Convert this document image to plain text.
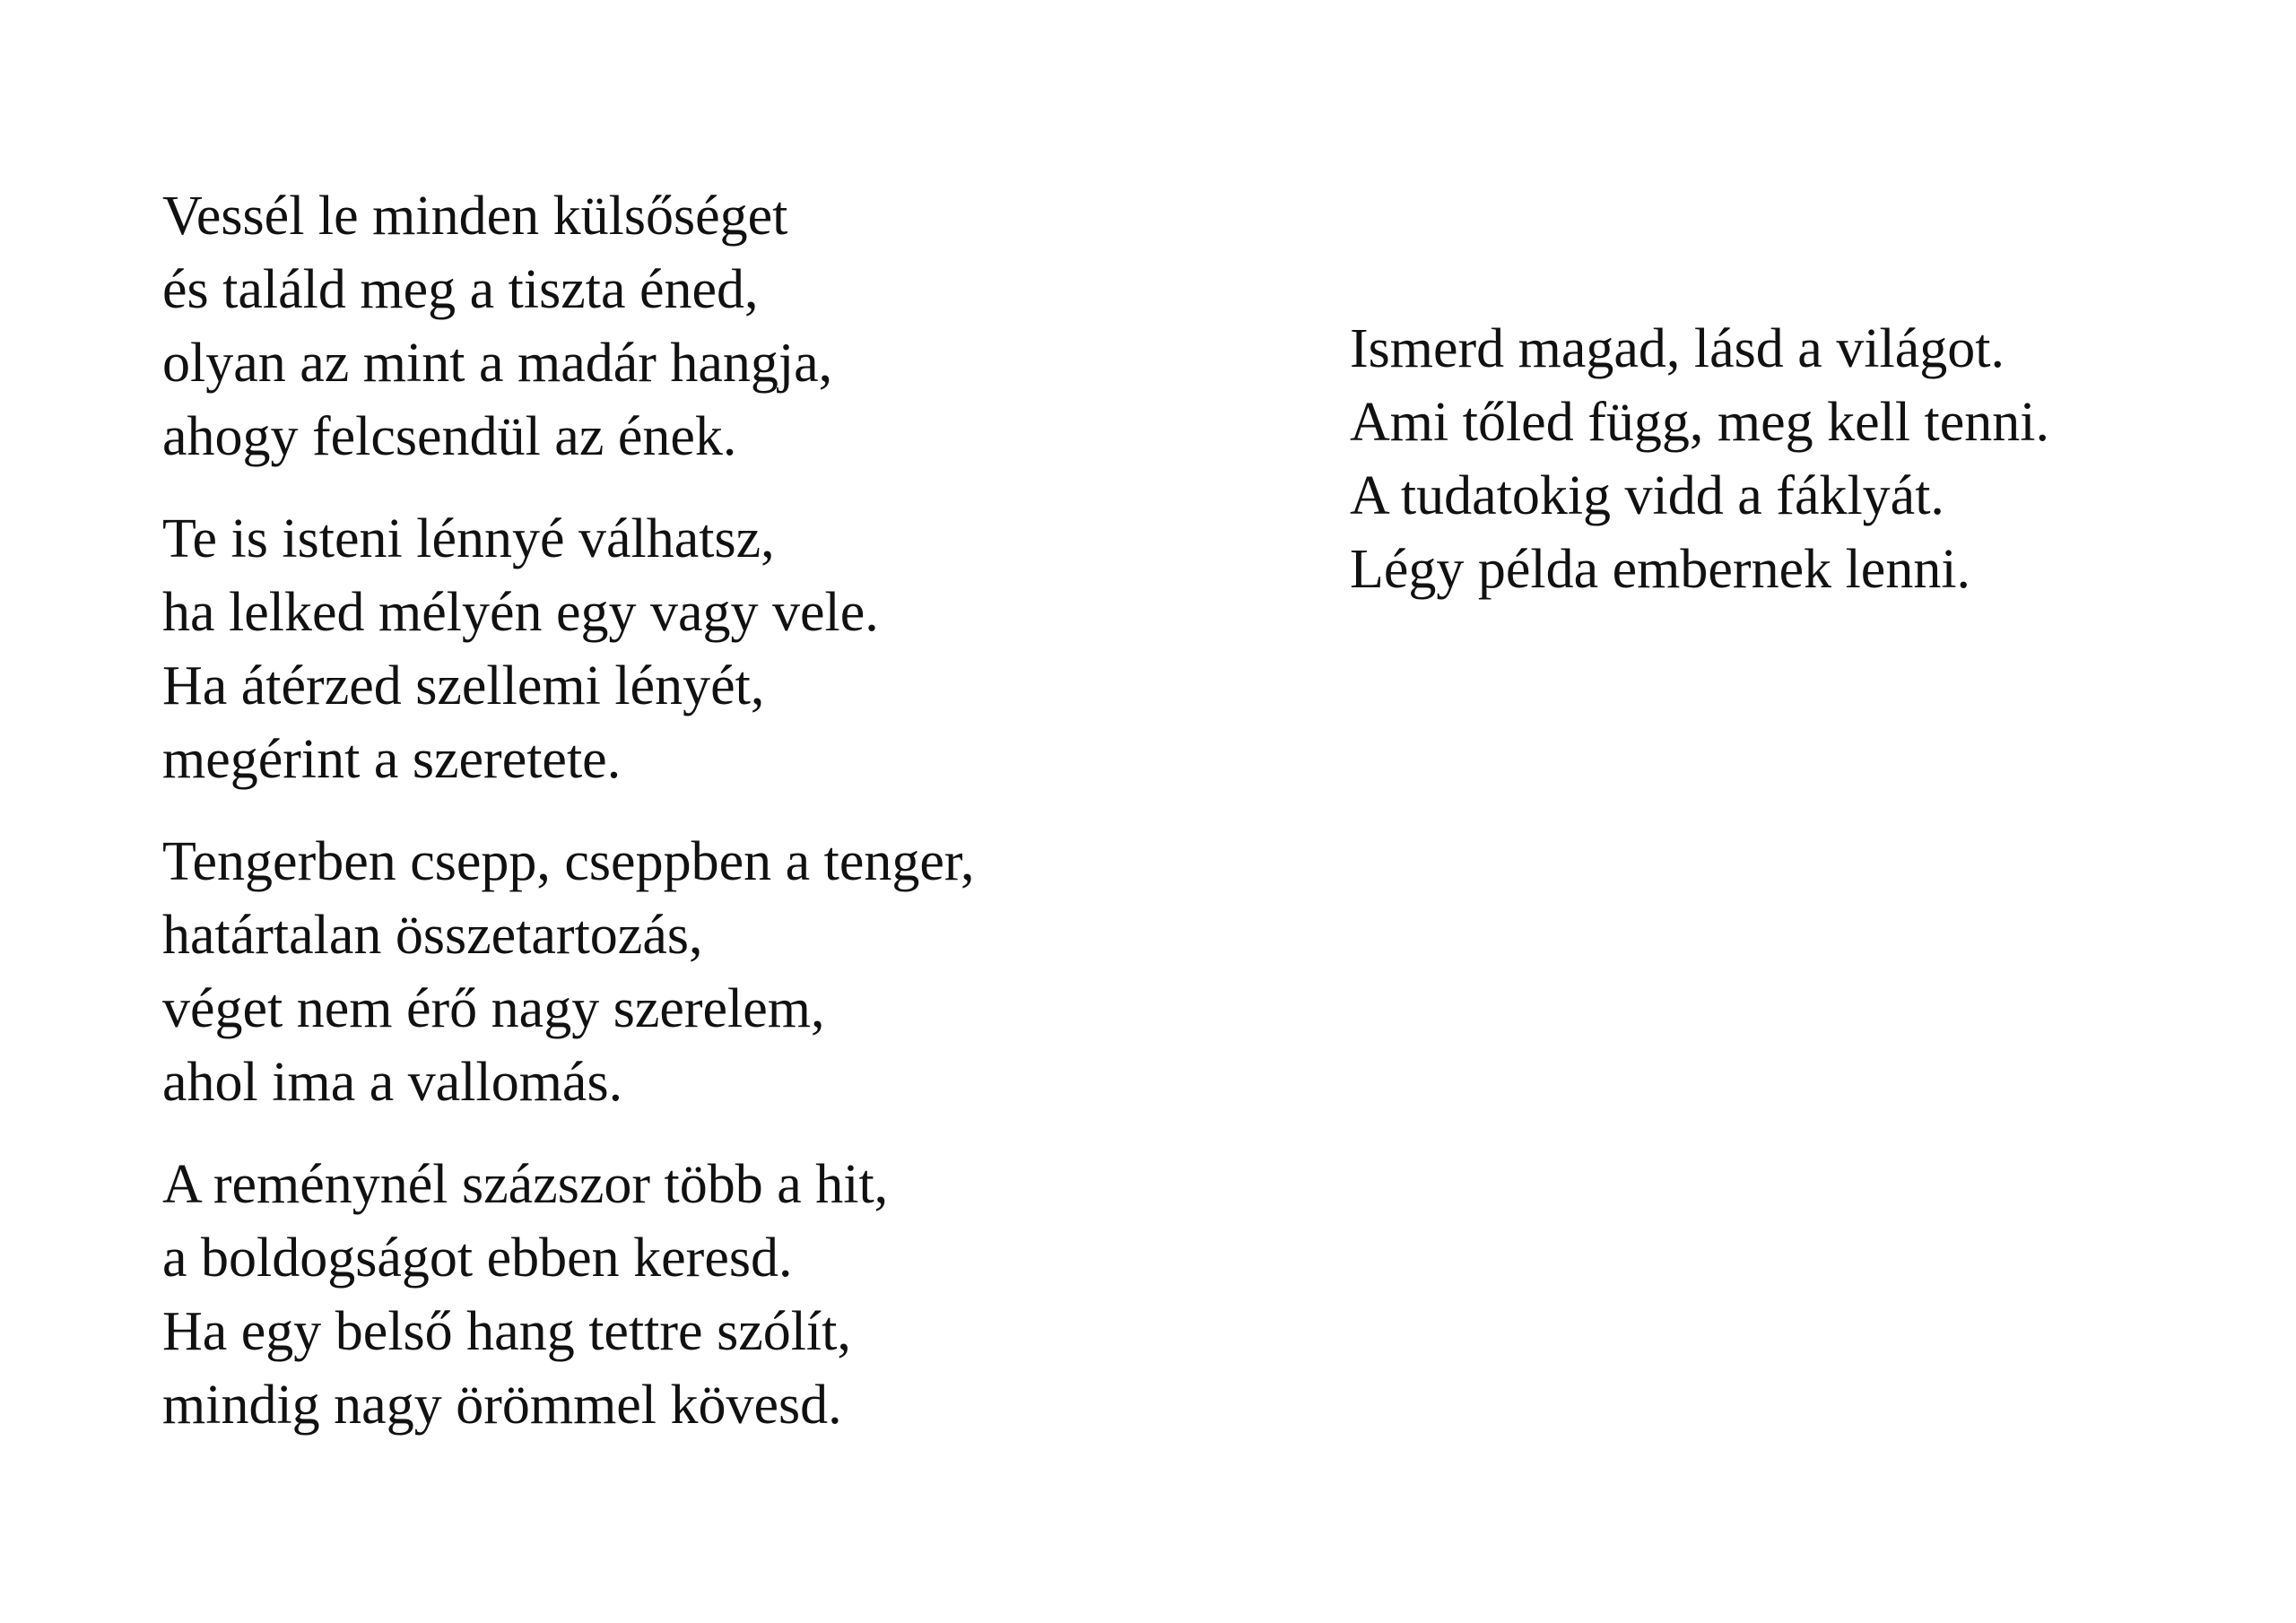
Vessél le minden külsőséget
és találd meg a tiszta éned,
olyan az mint a madár hangja,
ahogy felcsendül az ének.

Te is isteni lénnyé válhatsz,
ha lelked mélyén egy vagy vele.
Ha átérzed szellemi lényét,
megérint a szeretete.

Tengerben csepp, cseppben a tenger,
határtalan összetartozás,
véget nem érő nagy szerelem,
ahol ima a vallomás.

A reménynél százszor több a hit,
a boldogságot ebben keresd.
Ha egy belső hang tettre szólít,
mindig nagy örömmel kövesd.

Ismerd magad, lásd a világot.
Ami tőled függ, meg kell tenni.
A tudatokig vidd a fáklyát.
Légy példa embernek lenni.
